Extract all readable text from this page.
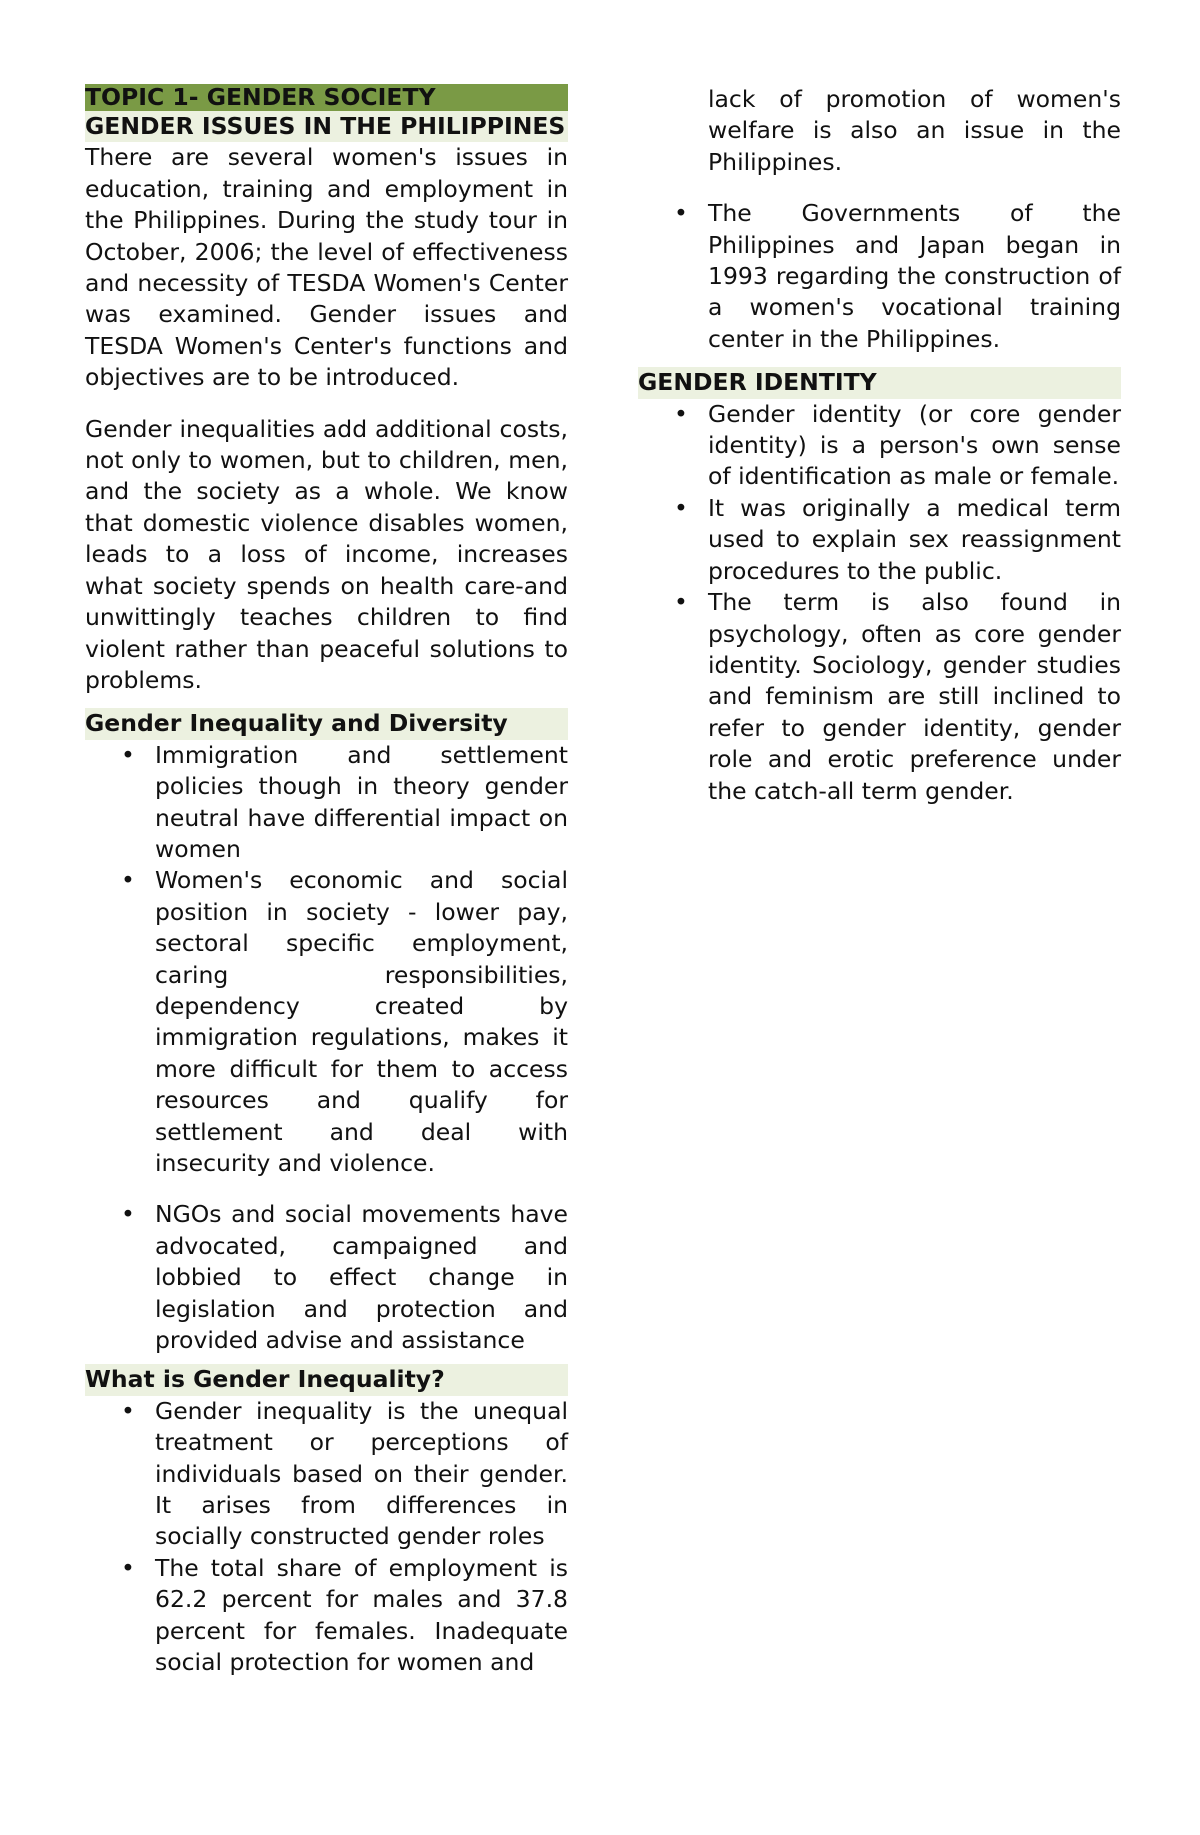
TOPIC 1- GENDER SOCIETY
GENDER ISSUES IN THE PHILIPPINES

There are several women's issues in education, training and employment in the Philippines. During the study tour in October, 2006; the level of effectiveness and necessity of TESDA Women's Center was examined. Gender issues and TESDA Women's Center's functions and objectives are to be introduced.

Gender inequalities add additional costs, not only to women, but to children, men, and the society as a whole. We know that domestic violence disables women, leads to a loss of income, increases what society spends on health care-and unwittingly teaches children to find violent rather than peaceful solutions to problems.

Gender Inequality and Diversity
• Immigration and settlement policies though in theory gender neutral have differential impact on women
• Women's economic and social position in society - lower pay, sectoral specific employment, caring responsibilities, dependency created by immigration regulations, makes it more difficult for them to access resources and qualify for settlement and deal with insecurity and violence.
• NGOs and social movements have advocated, campaigned and lobbied to effect change in legislation and protection and provided advise and assistance
What is Gender Inequality?
• Gender inequality is the unequal treatment or perceptions of individuals based on their gender. It arises from differences in socially constructed gender roles
• The total share of employment is 62.2 percent for males and 37.8 percent for females. Inadequate social protection for women and

lack of promotion of women's welfare is also an issue in the Philippines.

• The Governments of the Philippines and Japan began in 1993 regarding the construction of a women's vocational training center in the Philippines.
GENDER IDENTITY
• Gender identity (or core gender identity) is a person's own sense of identification as male or female.
• It was originally a medical term used to explain sex reassignment procedures to the public.
• The term is also found in psychology, often as core gender identity. Sociology, gender studies and feminism are still inclined to refer to gender identity, gender role and erotic preference under the catch-all term gender.
